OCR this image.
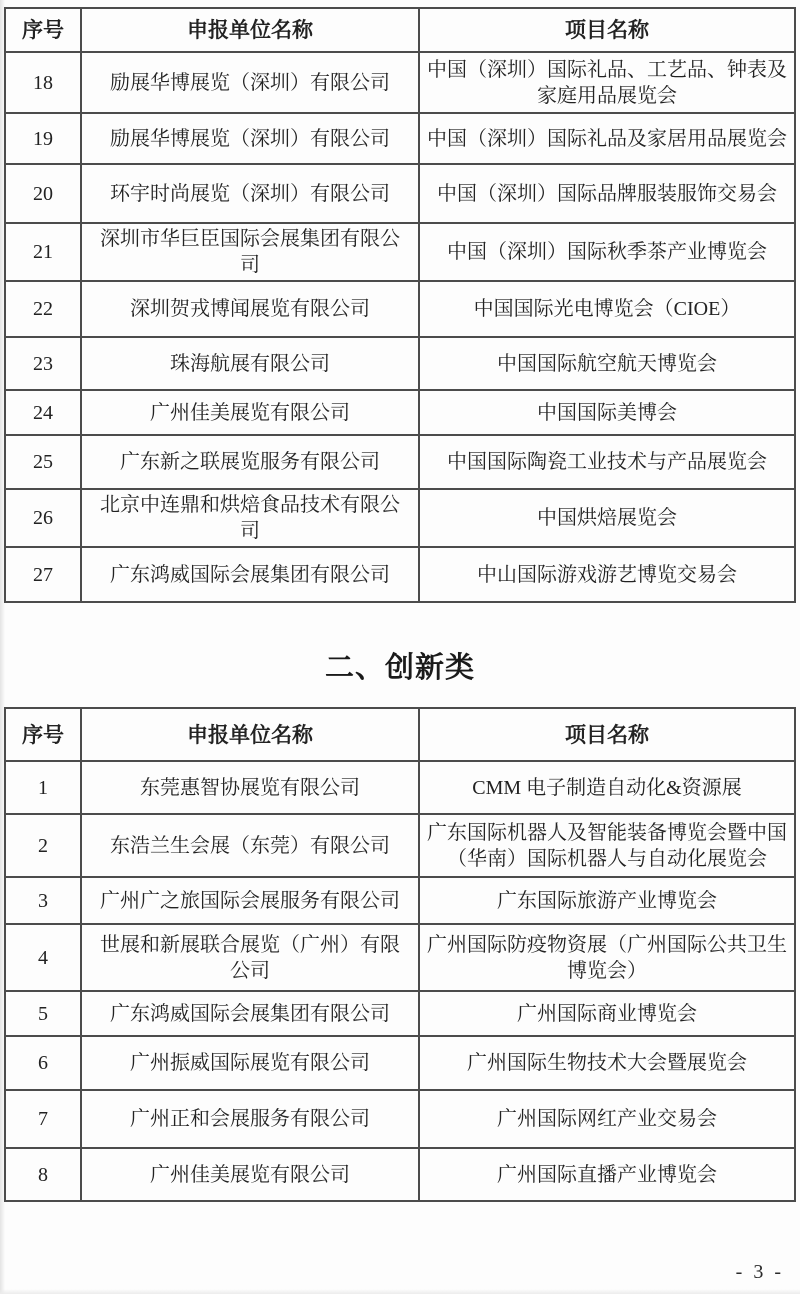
序号	申报单位名称	项目名称
18	励展华博展览（深圳）有限公司	中国（深圳）国际礼品、工艺品、钟表及家庭用品展览会
19	励展华博展览（深圳）有限公司	中国（深圳）国际礼品及家居用品展览会
20	环宇时尚展览（深圳）有限公司	中国（深圳）国际品牌服装服饰交易会
21	深圳市华巨臣国际会展集团有限公司	中国（深圳）国际秋季茶产业博览会
22	深圳贺戎博闻展览有限公司	中国国际光电博览会（CIOE）
23	珠海航展有限公司	中国国际航空航天博览会
24	广州佳美展览有限公司	中国国际美博会
25	广东新之联展览服务有限公司	中国国际陶瓷工业技术与产品展览会
26	北京中连鼎和烘焙食品技术有限公司	中国烘焙展览会
27	广东鸿威国际会展集团有限公司	中山国际游戏游艺博览交易会
二、创新类
序号	申报单位名称	项目名称
1	东莞惠智协展览有限公司	CMM 电子制造自动化&资源展
2	东浩兰生会展（东莞）有限公司	广东国际机器人及智能装备博览会暨中国（华南）国际机器人与自动化展览会
3	广州广之旅国际会展服务有限公司	广东国际旅游产业博览会
4	世展和新展联合展览（广州）有限公司	广州国际防疫物资展（广州国际公共卫生博览会）
5	广东鸿威国际会展集团有限公司	广州国际商业博览会
6	广州振威国际展览有限公司	广州国际生物技术大会暨展览会
7	广州正和会展服务有限公司	广州国际网红产业交易会
8	广州佳美展览有限公司	广州国际直播产业博览会
- 3 -
